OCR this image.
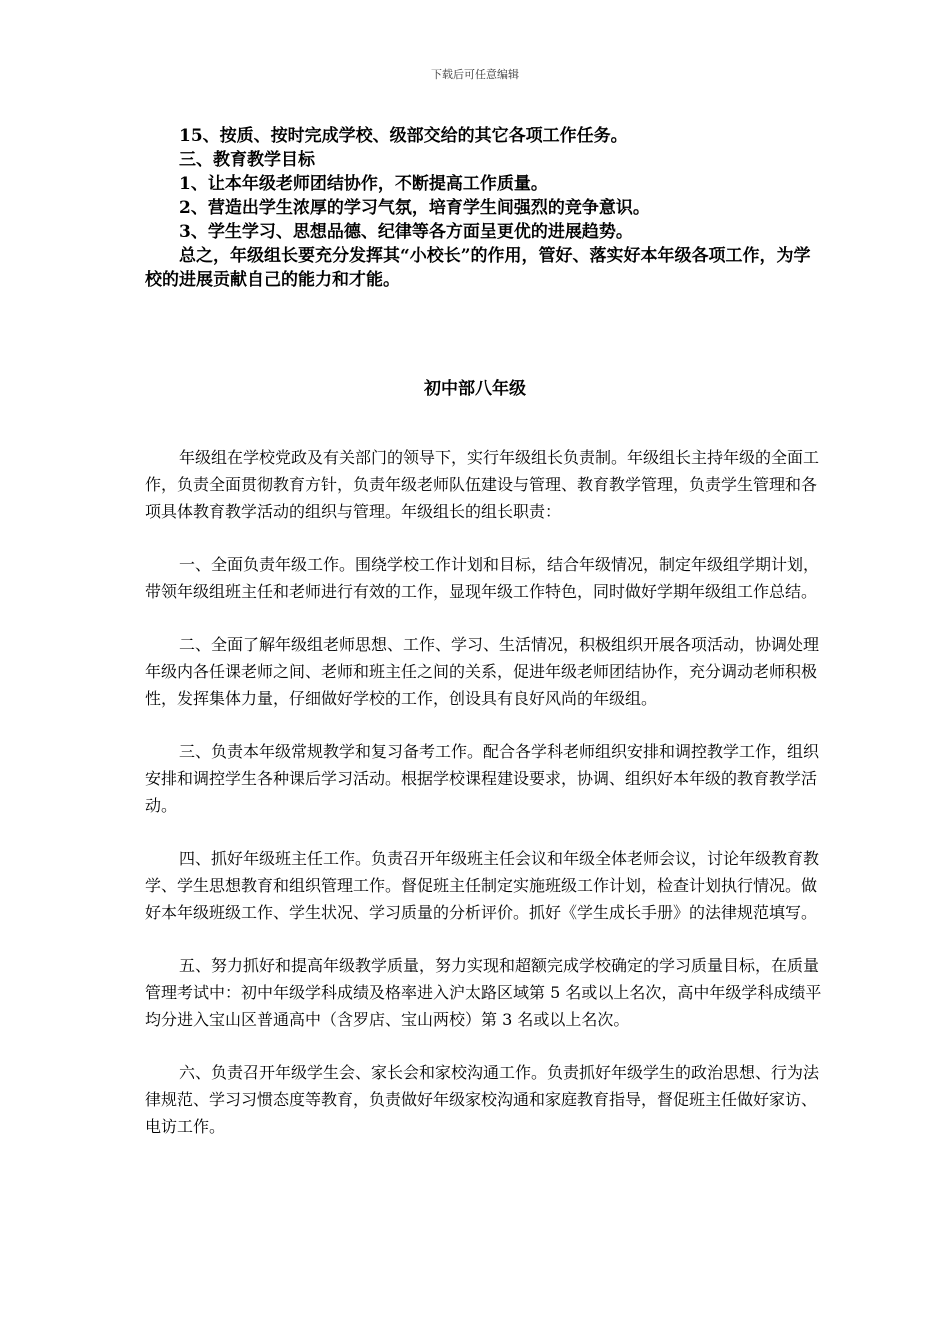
下载后可任意编辑

15、按质、按时完成学校、级部交给的其它各项工作任务。

三、教育教学目标

1、让本年级老师团结协作，不断提高工作质量。

2、营造出学生浓厚的学习气氛，培育学生间强烈的竞争意识。

3、学生学习、思想品德、纪律等各方面呈更优的进展趋势。

总之，年级组长要充分发挥其“小校长”的作用，管好、落实好本年级各项工作，为学校的进展贡献自己的能力和才能。

初中部八年级

年级组在学校党政及有关部门的领导下，实行年级组长负责制。年级组长主持年级的全面工作，负责全面贯彻教育方针，负责年级老师队伍建设与管理、教育教学管理，负责学生管理和各项具体教育教学活动的组织与管理。年级组长的组长职责：

一、全面负责年级工作。围绕学校工作计划和目标，结合年级情况，制定年级组学期计划，带领年级组班主任和老师进行有效的工作，显现年级工作特色，同时做好学期年级组工作总结。

二、全面了解年级组老师思想、工作、学习、生活情况，积极组织开展各项活动，协调处理年级内各任课老师之间、老师和班主任之间的关系，促进年级老师团结协作，充分调动老师积极性，发挥集体力量，仔细做好学校的工作，创设具有良好风尚的年级组。

三、负责本年级常规教学和复习备考工作。配合各学科老师组织安排和调控教学工作，组织安排和调控学生各种课后学习活动。根据学校课程建设要求，协调、组织好本年级的教育教学活动。

四、抓好年级班主任工作。负责召开年级班主任会议和年级全体老师会议，讨论年级教育教学、学生思想教育和组织管理工作。督促班主任制定实施班级工作计划，检查计划执行情况。做好本年级班级工作、学生状况、学习质量的分析评价。抓好《学生成长手册》的法律规范填写。

五、努力抓好和提高年级教学质量，努力实现和超额完成学校确定的学习质量目标，在质量管理考试中：初中年级学科成绩及格率进入沪太路区域第 5 名或以上名次，高中年级学科成绩平均分进入宝山区普通高中（含罗店、宝山两校）第 3 名或以上名次。

六、负责召开年级学生会、家长会和家校沟通工作。负责抓好年级学生的政治思想、行为法律规范、学习习惯态度等教育，负责做好年级家校沟通和家庭教育指导，督促班主任做好家访、电访工作。
